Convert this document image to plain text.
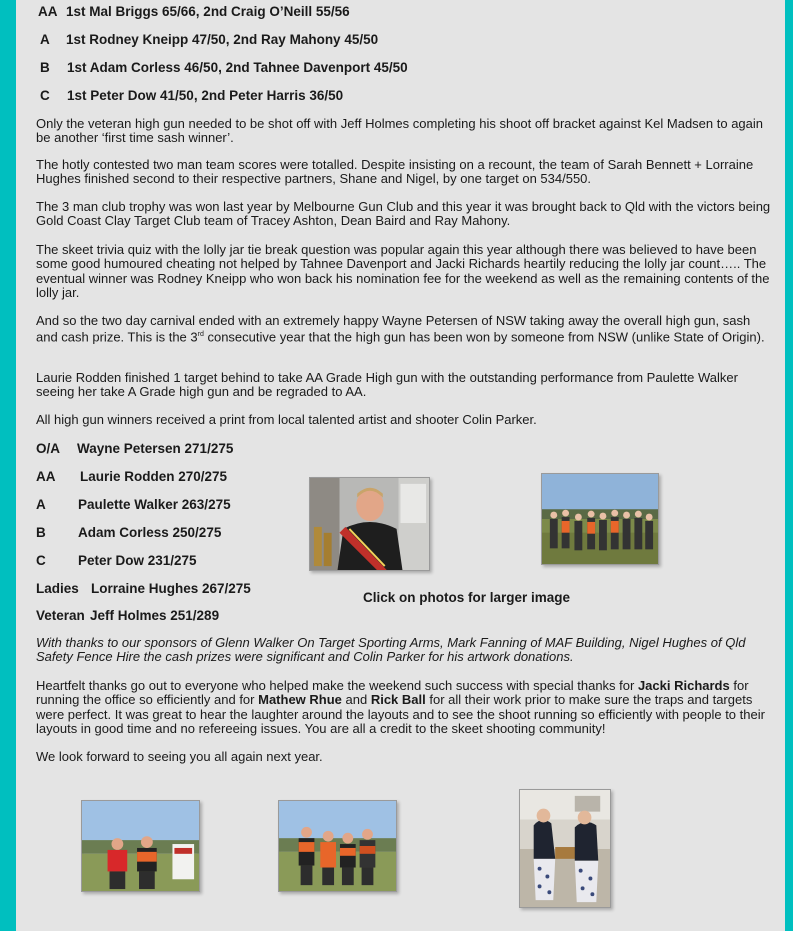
AA 1st Mal Briggs 65/66, 2nd Craig O’Neill 55/56
A 1st Rodney Kneipp 47/50, 2nd Ray Mahony 45/50
B 1st Adam Corless 46/50, 2nd Tahnee Davenport 45/50
C 1st Peter Dow 41/50, 2nd Peter Harris 36/50

Only the veteran high gun needed to be shot off with Jeff Holmes completing his shoot off bracket against Kel Madsen to again be another ‘first time sash winner’.

The hotly contested two man team scores were totalled. Despite insisting on a recount, the team of Sarah Bennett + Lorraine Hughes finished second to their respective partners, Shane and Nigel, by one target on 534/550.

The 3 man club trophy was won last year by Melbourne Gun Club and this year it was brought back to Qld with the victors being Gold Coast Clay Target Club team of Tracey Ashton, Dean Baird and Ray Mahony.

The skeet trivia quiz with the lolly jar tie break question was popular again this year although there was believed to have been some good humoured cheating not helped by Tahnee Davenport and Jacki Richards heartily reducing the lolly jar count….. The eventual winner was Rodney Kneipp who won back his nomination fee for the weekend as well as the remaining contents of the lolly jar.

And so the two day carnival ended with an extremely happy Wayne Petersen of NSW taking away the overall high gun, sash and cash prize. This is the 3rd consecutive year that the high gun has been won by someone from NSW (unlike State of Origin).

Laurie Rodden finished 1 target behind to take AA Grade High gun with the outstanding performance from Paulette Walker seeing her take A Grade high gun and be regraded to AA.

All high gun winners received a print from local talented artist and shooter Colin Parker.

O/A Wayne Petersen 271/275
AA Laurie Rodden 270/275
A Paulette Walker 263/275
B Adam Corless 250/275
C Peter Dow 231/275
Ladies Lorraine Hughes 267/275
Veteran Jeff Holmes 251/289
Click on photos for larger image

With thanks to our sponsors of Glenn Walker On Target Sporting Arms, Mark Fanning of MAF Building, Nigel Hughes of Qld Safety Fence Hire the cash prizes were significant and Colin Parker for his artwork donations.

Heartfelt thanks go out to everyone who helped make the weekend such success with special thanks for Jacki Richards for running the office so efficiently and for Mathew Rhue and Rick Ball for all their work prior to make sure the traps and targets were perfect. It was great to hear the laughter around the layouts and to see the shoot running so efficiently with people to their layouts in good time and no refereeing issues. You are all a credit to the skeet shooting community!

We look forward to seeing you all again next year.
